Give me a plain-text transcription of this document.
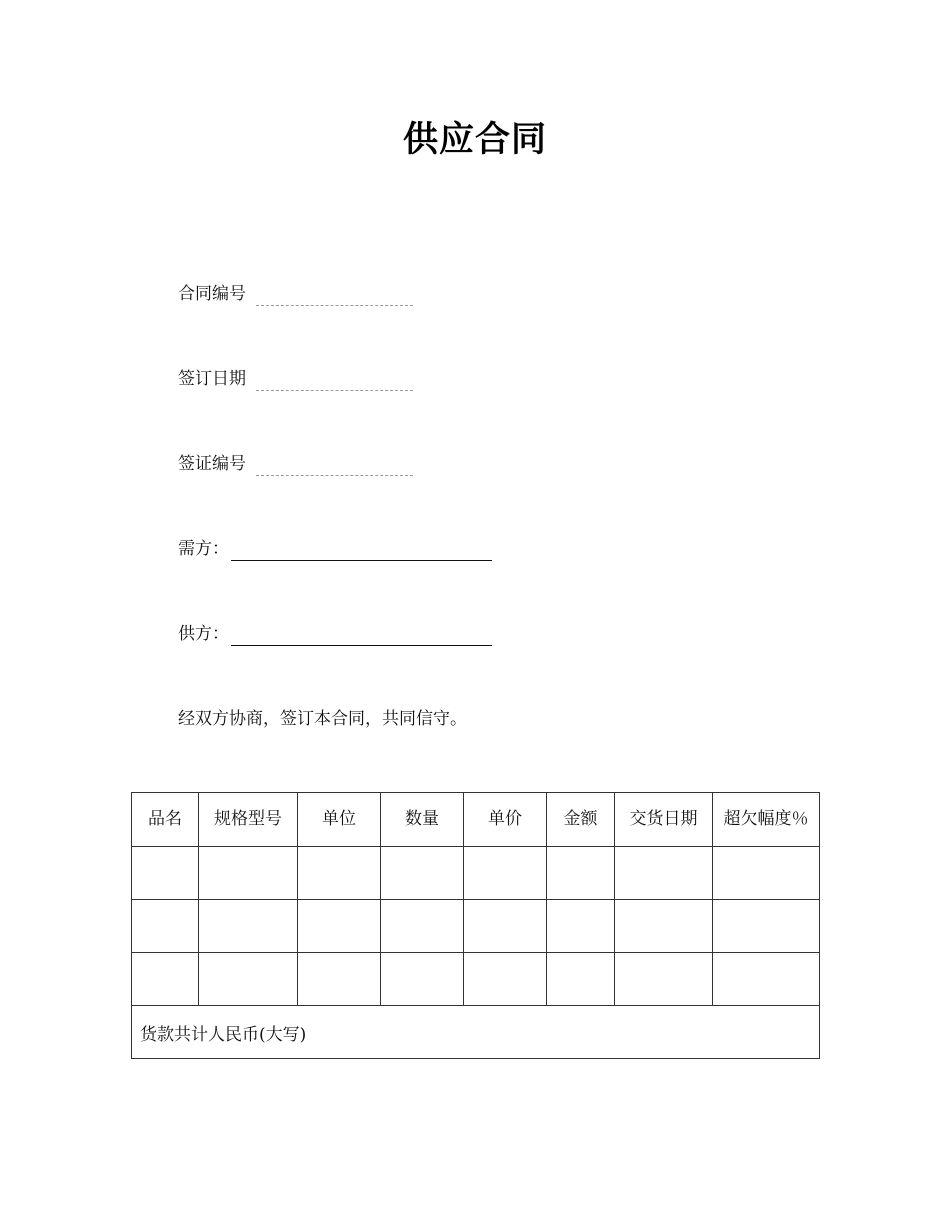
供应合同
合同编号
签订日期
签证编号
需方：
供方：
经双方协商，签订本合同，共同信守。
品名	规格型号	单位	数量	单价	金额	交货日期	超欠幅度％

货款共计人民币(大写)							
